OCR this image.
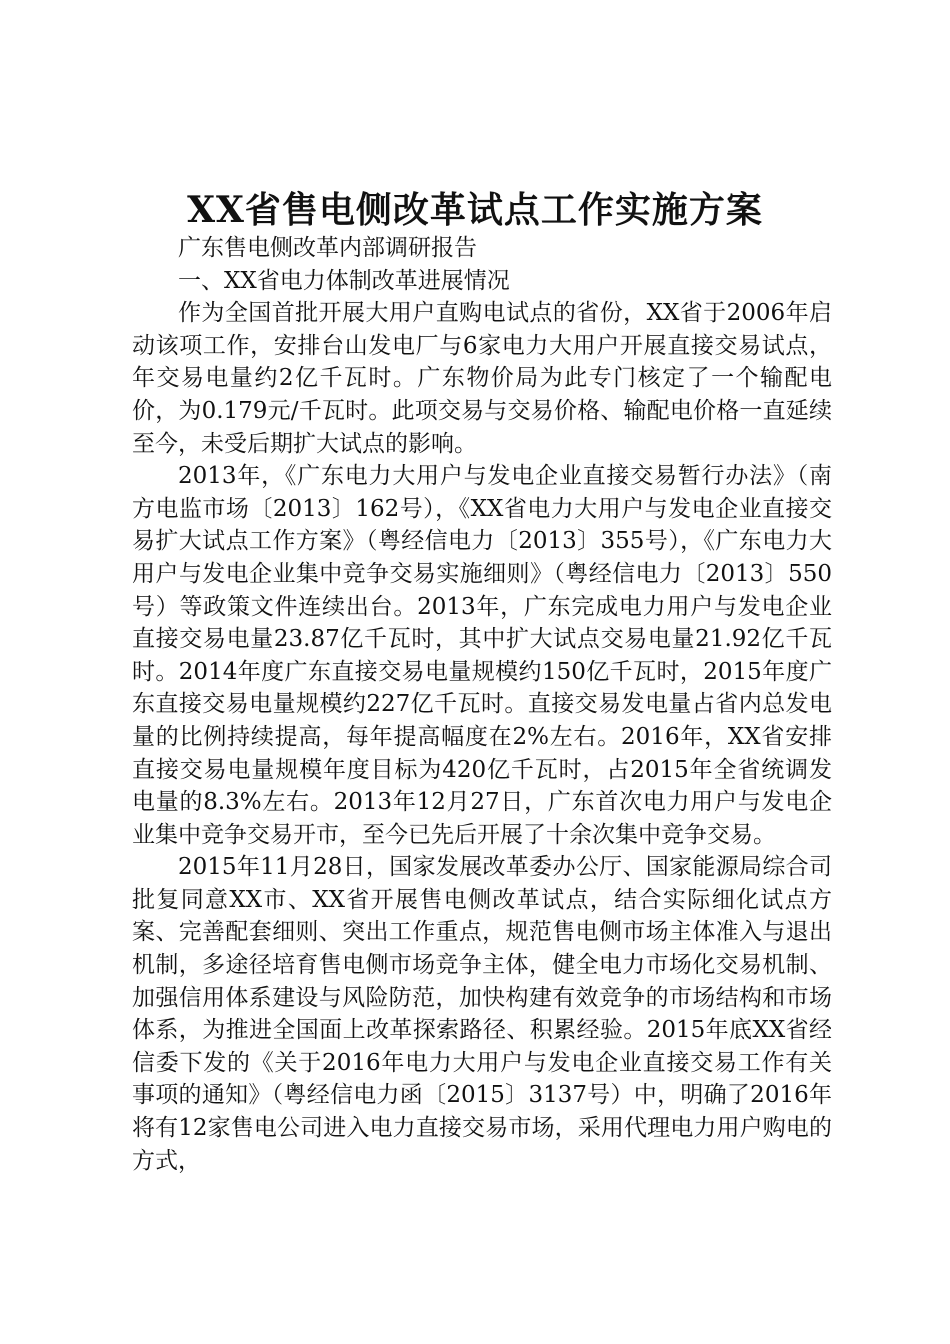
XX省售电侧改革试点工作实施方案

广东售电侧改革内部调研报告

一、XX省电力体制改革进展情况

作为全国首批开展大用户直购电试点的省份，XX省于2006年启动该项工作，安排台山发电厂与6家电力大用户开展直接交易试点，年交易电量约2亿千瓦时。广东物价局为此专门核定了一个输配电价，为0.179元/千瓦时。此项交易与交易价格、输配电价格一直延续至今，未受后期扩大试点的影响。

2013年，《广东电力大用户与发电企业直接交易暂行办法》（南方电监市场〔2013〕162号），《XX省电力大用户与发电企业直接交易扩大试点工作方案》（粤经信电力〔2013〕355号），《广东电力大用户与发电企业集中竞争交易实施细则》（粤经信电力〔2013〕550号）等政策文件连续出台。2013年，广东完成电力用户与发电企业直接交易电量23.87亿千瓦时，其中扩大试点交易电量21.92亿千瓦时。2014年度广东直接交易电量规模约150亿千瓦时，2015年度广东直接交易电量规模约227亿千瓦时。直接交易发电量占省内总发电量的比例持续提高，每年提高幅度在2%左右。2016年，XX省安排直接交易电量规模年度目标为420亿千瓦时，占2015年全省统调发电量的8.3%左右。2013年12月27日，广东首次电力用户与发电企业集中竞争交易开市，至今已先后开展了十余次集中竞争交易。

2015年11月28日，国家发展改革委办公厅、国家能源局综合司批复同意XX市、XX省开展售电侧改革试点，结合实际细化试点方案、完善配套细则、突出工作重点，规范售电侧市场主体准入与退出机制，多途径培育售电侧市场竞争主体，健全电力市场化交易机制、加强信用体系建设与风险防范，加快构建有效竞争的市场结构和市场体系，为推进全国面上改革探索路径、积累经验。2015年底XX省经信委下发的《关于2016年电力大用户与发电企业直接交易工作有关事项的通知》（粤经信电力函〔2015〕3137号）中，明确了2016年将有12家售电公司进入电力直接交易市场，采用代理电力用户购电的方式，
